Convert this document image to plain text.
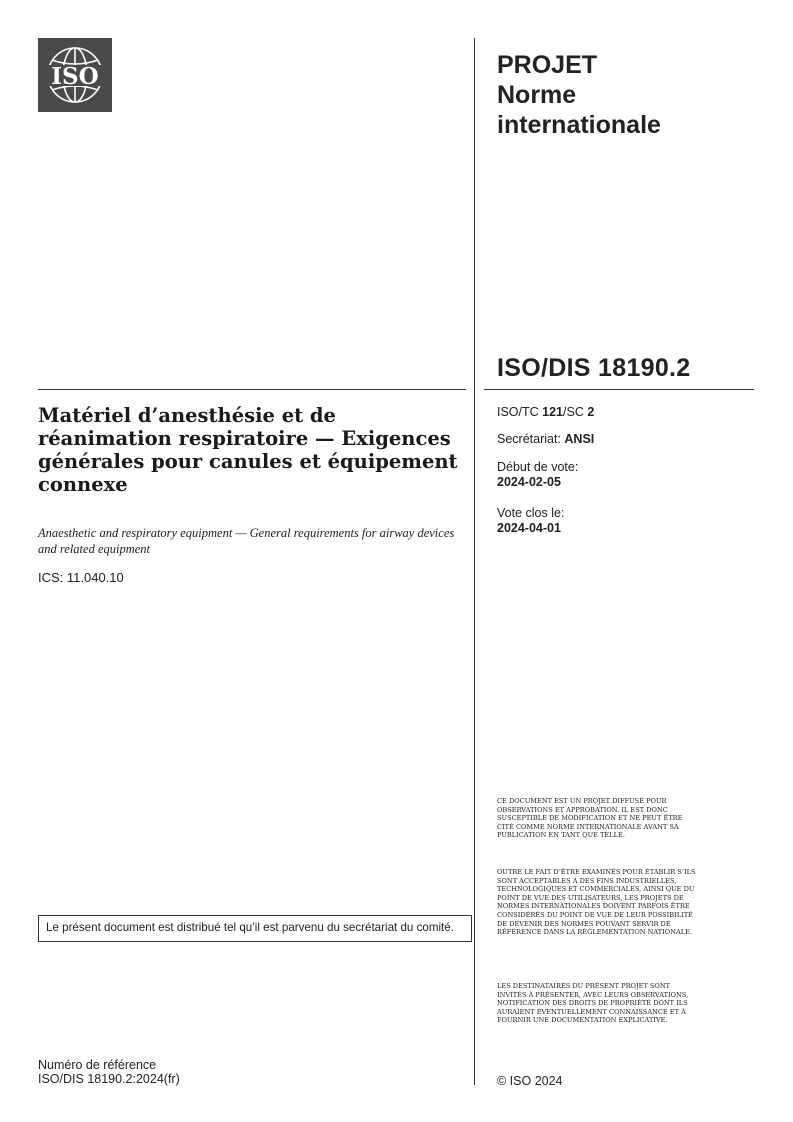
ISO	PROJET
Norme
internationale
ISO/DIS 18190.2
Matériel d’anesthésie et de réanimation respiratoire — Exigences générales pour canules et équipement connexe
Anaesthetic and respiratory equipment — General requirements for airway devices and related equipment
ICS: 11.040.10
ISO/TC 121/SC 2
Secrétariat: ANSI
Début de vote:
2024-02-05
Vote clos le:
2024-04-01
Le présent document est distribué tel qu’il est parvenu du secrétariat du comité.
CE DOCUMENT EST UN PROJET DIFFUSÉ POUR OBSERVATIONS ET APPROBATION. IL EST DONC SUSCEPTIBLE DE MODIFICATION ET NE PEUT ÊTRE CITÉ COMME NORME INTERNATIONALE AVANT SA PUBLICATION EN TANT QUE TELLE.
OUTRE LE FAIT D’ÊTRE EXAMINÉS POUR ÉTABLIR S’ILS SONT ACCEPTABLES À DES FINS INDUSTRIELLES, TECHNOLOGIQUES ET COMMERCIALES, AINSI QUE DU POINT DE VUE DES UTILISATEURS, LES PROJETS DE NORMES INTERNATIONALES DOIVENT PARFOIS ÊTRE CONSIDÉRÉS DU POINT DE VUE DE LEUR POSSIBILITÉ DE DEVENIR DES NORMES POUVANT SERVIR DE RÉFÉRENCE DANS LA RÉGLEMENTATION NATIONALE.
LES DESTINATAIRES DU PRÉSENT PROJET SONT INVITÉS À PRÉSENTER, AVEC LEURS OBSERVATIONS, NOTIFICATION DES DROITS DE PROPRIÉTÉ DONT ILS AURAIENT ÉVENTUELLEMENT CONNAISSANCE ET À FOURNIR UNE DOCUMENTATION EXPLICATIVE.
Numéro de référence
ISO/DIS 18190.2:2024(fr)	© ISO 2024
